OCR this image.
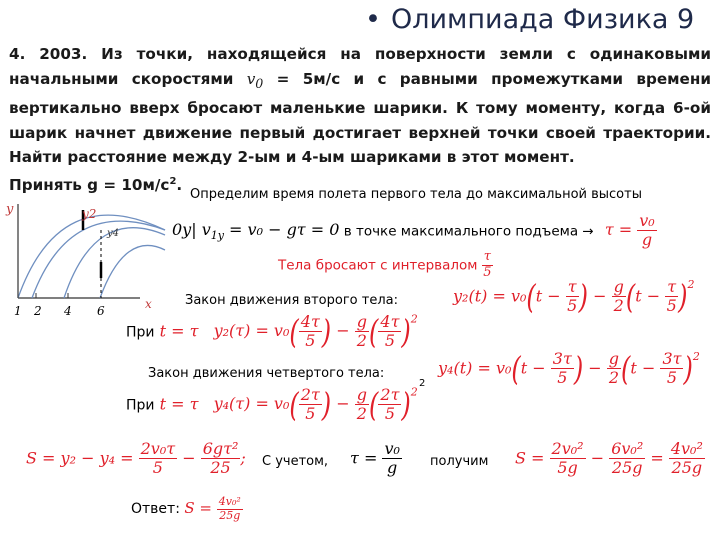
• Олимпиада Физика 9
4. 2003. Из точки, находящейся на поверхности земли с одинаковыми начальными скоростями $v_0 = 5м/с$ и с равными промежутками времени вертикально вверх бросают маленькие шарики. К тому моменту, когда 6-ой шарик начнет движение первый достигает верхней точки своей траектории. Найти расстояние между 2-ым и 4-ым шариками в этот момент.
Принять $g = 10м/с^2$.
y
x
y2
y4
1 2 4 6
Определим время полета первого тела до максимальной высоты
0y| $v_{1y} = v_0 - g\tau = 0$ в точке максимального подъема → $\tau = \frac{\text{v₀}}{g}$
Тела бросают с интервалом $\frac{\tau}{5}$
Закон движения второго тела:	$y_2(t) = v_0(t - \frac{\tau}{5}$ ) − $\frac{g}{2} (t - \frac{\tau}{5} )^2$
При t = τ $y_2(\tau) = v_0( \frac{4\tau}{5}$ ) − $\frac{g}{2}$ ( $\frac{4\tau}{5} )^2$
Закон движения четвертого тела:
2
$y_4(t) = v_0(t - \frac{3\tau}{5}$ ) − $\frac{g}{2} (t - \frac{3\tau}{5} )^2$
При t = τ $y_4(\tau) = v_0( \frac{2\tau}{5}$ ) − $\frac{g}{2}$ ( $\frac{2\tau}{5} )^2$
$S = y_2 - y_4 = \frac{\text{2v₀τ}}{5} - \frac{\text{6gτ²}}{25}$ ; С учетом, $\tau = \frac{\text{v₀}}{g}$ получим $S = \frac{\text{2v₀²}}{5g} - \frac{\text{6v₀²}}{25g} = \frac{\text{4v₀²}}{25g}$
Ответ: $S = \frac{\text{4v₀²}}{25g}$
